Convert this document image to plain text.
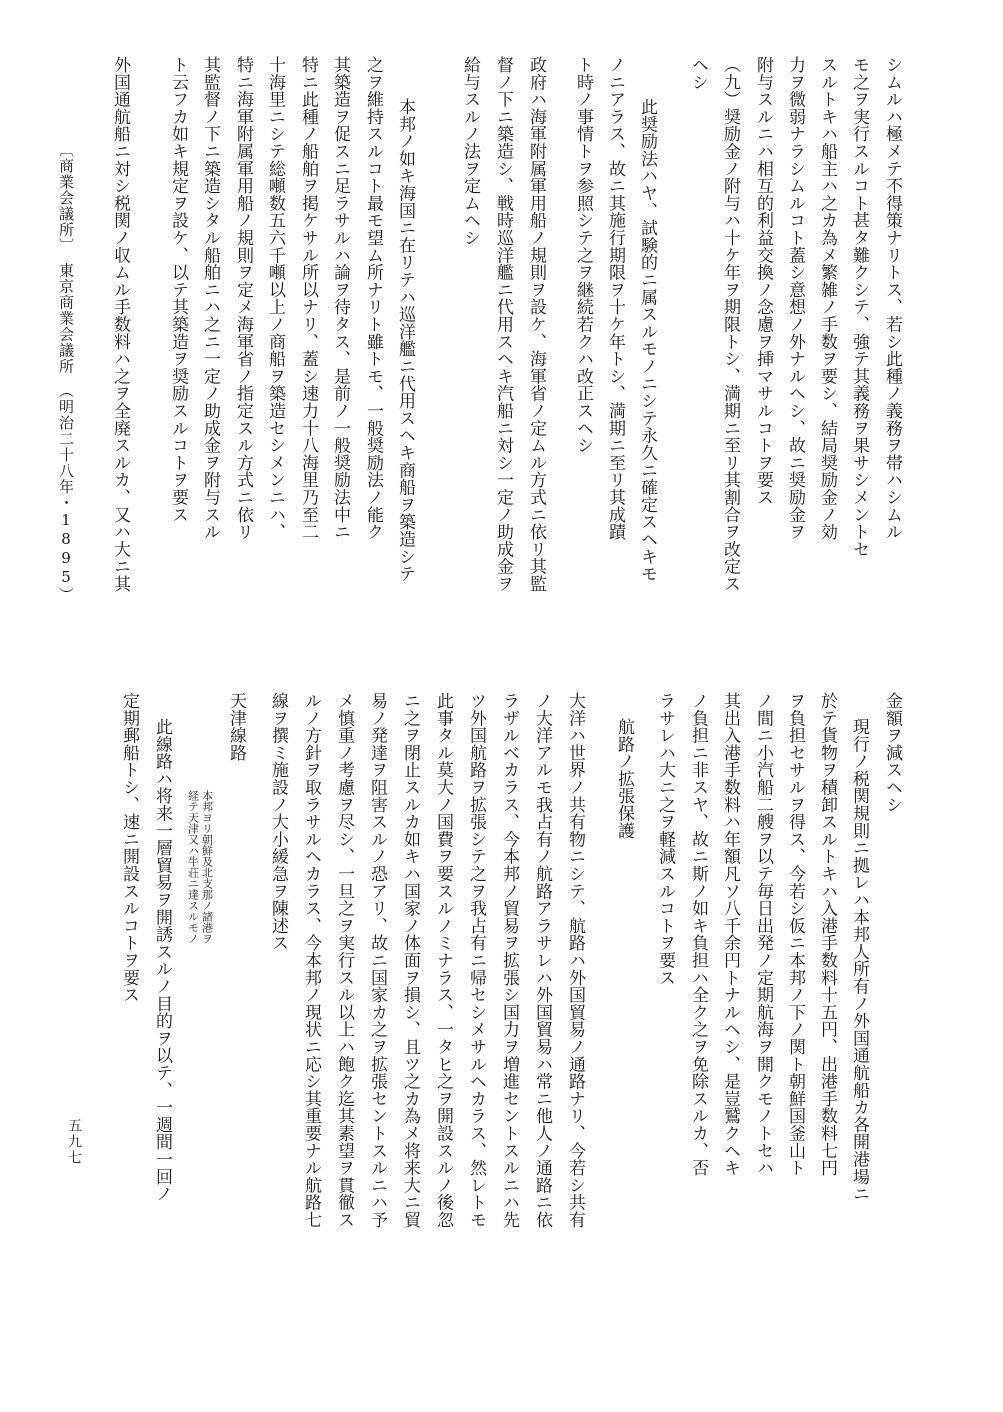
シムルハ極メテ不得策ナリトス、若シ此種ノ義務ヲ帯ハシムル
モ之ヲ実行スルコト甚タ難クシテ、強テ其義務ヲ果サシメントセ
スルトキハ船主ハ之カ為メ繁雑ノ手数ヲ要シ、結局奨励金ノ効
力ヲ微弱ナラシムルコト蓋シ意想ノ外ナルヘシ、故ニ奨励金ヲ
附与スルニハ相互的利益交換ノ念慮ヲ挿マサルコトヲ要ス
（九）奨励金ノ附与ハ十ケ年ヲ期限トシ、満期ニ至リ其割合ヲ改定ス
ヘシ
此奨励法ハヤ、試験的ニ属スルモノニシテ永久ニ確定スヘキモ
ノニアラス、故ニ其施行期限ヲ十ケ年トシ、満期ニ至リ其成蹟
ト時ノ事情トヲ参照シテ之ヲ継続若クハ改正スヘシ
政府ハ海軍附属軍用船ノ規則ヲ設ケ、海軍省ノ定ムル方式ニ依リ其監
督ノ下ニ築造シ、戦時巡洋艦ニ代用スヘキ汽船ニ対シ一定ノ助成金ヲ
給与スルノ法ヲ定ムヘシ
本邦ノ如キ海国ニ在リテハ巡洋艦ニ代用スヘキ商船ヲ築造シテ
之ヲ維持スルコト最モ望ム所ナリト雖トモ、一般奨励法ノ能ク
其築造ヲ促スニ足ラサルハ論ヲ待タス、是前ノ一般奨励法中ニ
特ニ此種ノ船舶ヲ掲ケサル所以ナリ、蓋シ速力十八海里乃至二
十海里ニシテ総噸数五六千噸以上ノ商船ヲ築造セシメンニハ、
特ニ海軍附属軍用船ノ規則ヲ定メ海軍省ノ指定スル方式ニ依リ
其監督ノ下ニ築造シタル船舶ニハ之ニ一定ノ助成金ヲ附与スル
ト云フカ如キ規定ヲ設ケ、以テ其築造ヲ奨励スルコトヲ要ス
外国通航船ニ対シ税関ノ収ムル手数料ハ之ヲ全廃スルカ、又ハ大ニ其
金額ヲ減スヘシ
現行ノ税関規則ニ拠レハ本邦人所有ノ外国通航船カ各開港場ニ
於テ貨物ヲ積卸スルトキハ入港手数料十五円、出港手数料七円
ヲ負担セサルヲ得ス、今若シ仮ニ本邦ノ下ノ関ト朝鮮国釜山ト
ノ間ニ小汽船二艘ヲ以テ毎日出発ノ定期航海ヲ開クモノトセハ
其出入港手数料ハ年額凡ソ八千余円トナルヘシ、是豈鷲クヘキ
ノ負担ニ非スヤ、故ニ斯ノ如キ負担ハ全ク之ヲ免除スルカ、否
ラサレハ大ニ之ヲ軽減スルコトヲ要ス
航路ノ拡張保護
大洋ハ世界ノ共有物ニシテ、航路ハ外国貿易ノ通路ナリ、今若シ共有
ノ大洋アルモ我占有ノ航路アラサレハ外国貿易ハ常ニ他人ノ通路ニ依
ラザルベカラス、今本邦ノ貿易ヲ拡張シ国力ヲ増進セントスルニハ先
ツ外国航路ヲ拡張シテ之ヲ我占有ニ帰セシメサルヘカラス、然レトモ
此事タル莫大ノ国費ヲ要スルノミナラス、一タヒ之ヲ開設スルノ後忽
ニ之ヲ閉止スルカ如キハ国家ノ体面ヲ損シ、且ツ之カ為メ将来大ニ貿
易ノ発達ヲ阻害スルノ恐アリ、故ニ国家カ之ヲ拡張セントスルニハ予
メ慎重ノ考慮ヲ尽シ、一旦之ヲ実行スル以上ハ飽ク迄其素望ヲ貫徹ス
ルノ方針ヲ取ラサルヘカラス、今本邦ノ現状ニ応シ其重要ナル航路七
線ヲ撰ミ施設ノ大小緩急ヲ陳述ス
天津線路
本邦ヨリ朝鮮及北支那ノ諸港ヲ
経テ天津又ハ牛荘ニ達スルモノ
此線路ハ将来一層貿易ヲ開誘スルノ目的ヲ以テ、一週間一回ノ
定期郵船トシ、速ニ開設スルコトヲ要ス
〔商業会議所〕　東京商業会議所　（明治二十八年・1895）
五九七
